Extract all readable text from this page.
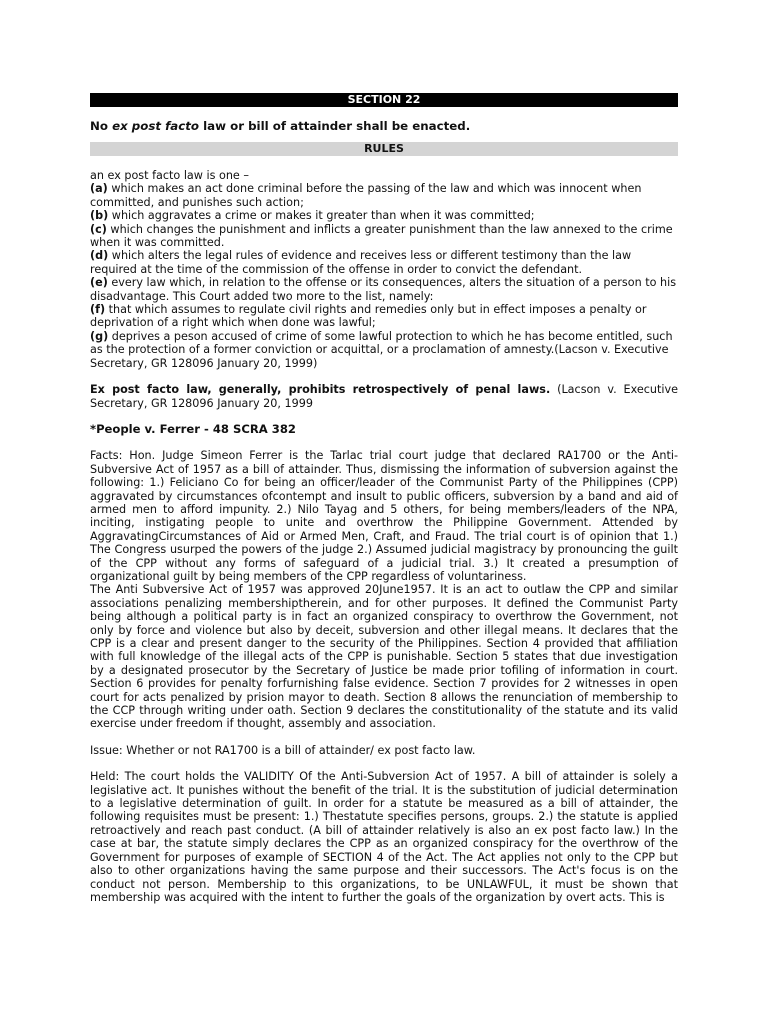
SECTION 22
No ex post facto law or bill of attainder shall be enacted.
RULES
an ex post facto law is one –
(a) which makes an act done criminal before the passing of the law and which was innocent when committed, and punishes such action;
(b) which aggravates a crime or makes it greater than when it was committed;
(c) which changes the punishment and inflicts a greater punishment than the law annexed to the crime when it was committed.
(d) which alters the legal rules of evidence and receives less or different testimony than the law required at the time of the commission of the offense in order to convict the defendant.
(e) every law which, in relation to the offense or its consequences, alters the situation of a person to his disadvantage. This Court added two more to the list, namely:
(f) that which assumes to regulate civil rights and remedies only but in effect imposes a penalty or deprivation of a right which when done was lawful;
(g) deprives a peson accused of crime of some lawful protection to which he has become entitled, such as the protection of a former conviction or acquittal, or a proclamation of amnesty.(Lacson v. Executive Secretary, GR 128096 January 20, 1999)
Ex post facto law, generally, prohibits retrospectively of penal laws. (Lacson v. Executive Secretary, GR 128096 January 20, 1999
*People v. Ferrer - 48 SCRA 382

Facts: Hon. Judge Simeon Ferrer is the Tarlac trial court judge that declared RA1700 or the Anti-Subversive Act of 1957 as a bill of attainder. Thus, dismissing the information of subversion against the following: 1.) Feliciano Co for being an officer/leader of the Communist Party of the Philippines (CPP) aggravated by circumstances ofcontempt and insult to public officers, subversion by a band and aid of armed men to afford impunity. 2.) Nilo Tayag and 5 others, for being members/leaders of the NPA, inciting, instigating people to unite and overthrow the Philippine Government. Attended by AggravatingCircumstances of Aid or Armed Men, Craft, and Fraud. The trial court is of opinion that 1.) The Congress usurped the powers of the judge 2.) Assumed judicial magistracy by pronouncing the guilt of the CPP without any forms of safeguard of a judicial trial. 3.) It created a presumption of organizational guilt by being members of the CPP regardless of voluntariness.

The Anti Subversive Act of 1957 was approved 20June1957. It is an act to outlaw the CPP and similar associations penalizing membershiptherein, and for other purposes. It defined the Communist Party being although a political party is in fact an organized conspiracy to overthrow the Government, not only by force and violence but also by deceit, subversion and other illegal means. It declares that the CPP is a clear and present danger to the security of the Philippines. Section 4 provided that affiliation with full knowledge of the illegal acts of the CPP is punishable. Section 5 states that due investigation by a designated prosecutor by the Secretary of Justice be made prior tofiling of information in court. Section 6 provides for penalty forfurnishing false evidence. Section 7 provides for 2 witnesses in open court for acts penalized by prision mayor to death. Section 8 allows the renunciation of membership to the CCP through writing under oath. Section 9 declares the constitutionality of the statute and its valid exercise under freedom if thought, assembly and association.

Issue: Whether or not RA1700 is a bill of attainder/ ex post facto law.

Held: The court holds the VALIDITY Of the Anti-Subversion Act of 1957. A bill of attainder is solely a legislative act. It punishes without the benefit of the trial. It is the substitution of judicial determination to a legislative determination of guilt. In order for a statute be measured as a bill of attainder, the following requisites must be present: 1.) Thestatute specifies persons, groups. 2.) the statute is applied retroactively and reach past conduct. (A bill of attainder relatively is also an ex post facto law.) In the case at bar, the statute simply declares the CPP as an organized conspiracy for the overthrow of the Government for purposes of example of SECTION 4 of the Act. The Act applies not only to the CPP but also to other organizations having the same purpose and their successors. The Act's focus is on the conduct not person. Membership to this organizations, to be UNLAWFUL, it must be shown that membership was acquired with the intent to further the goals of the organization by overt acts. This is
